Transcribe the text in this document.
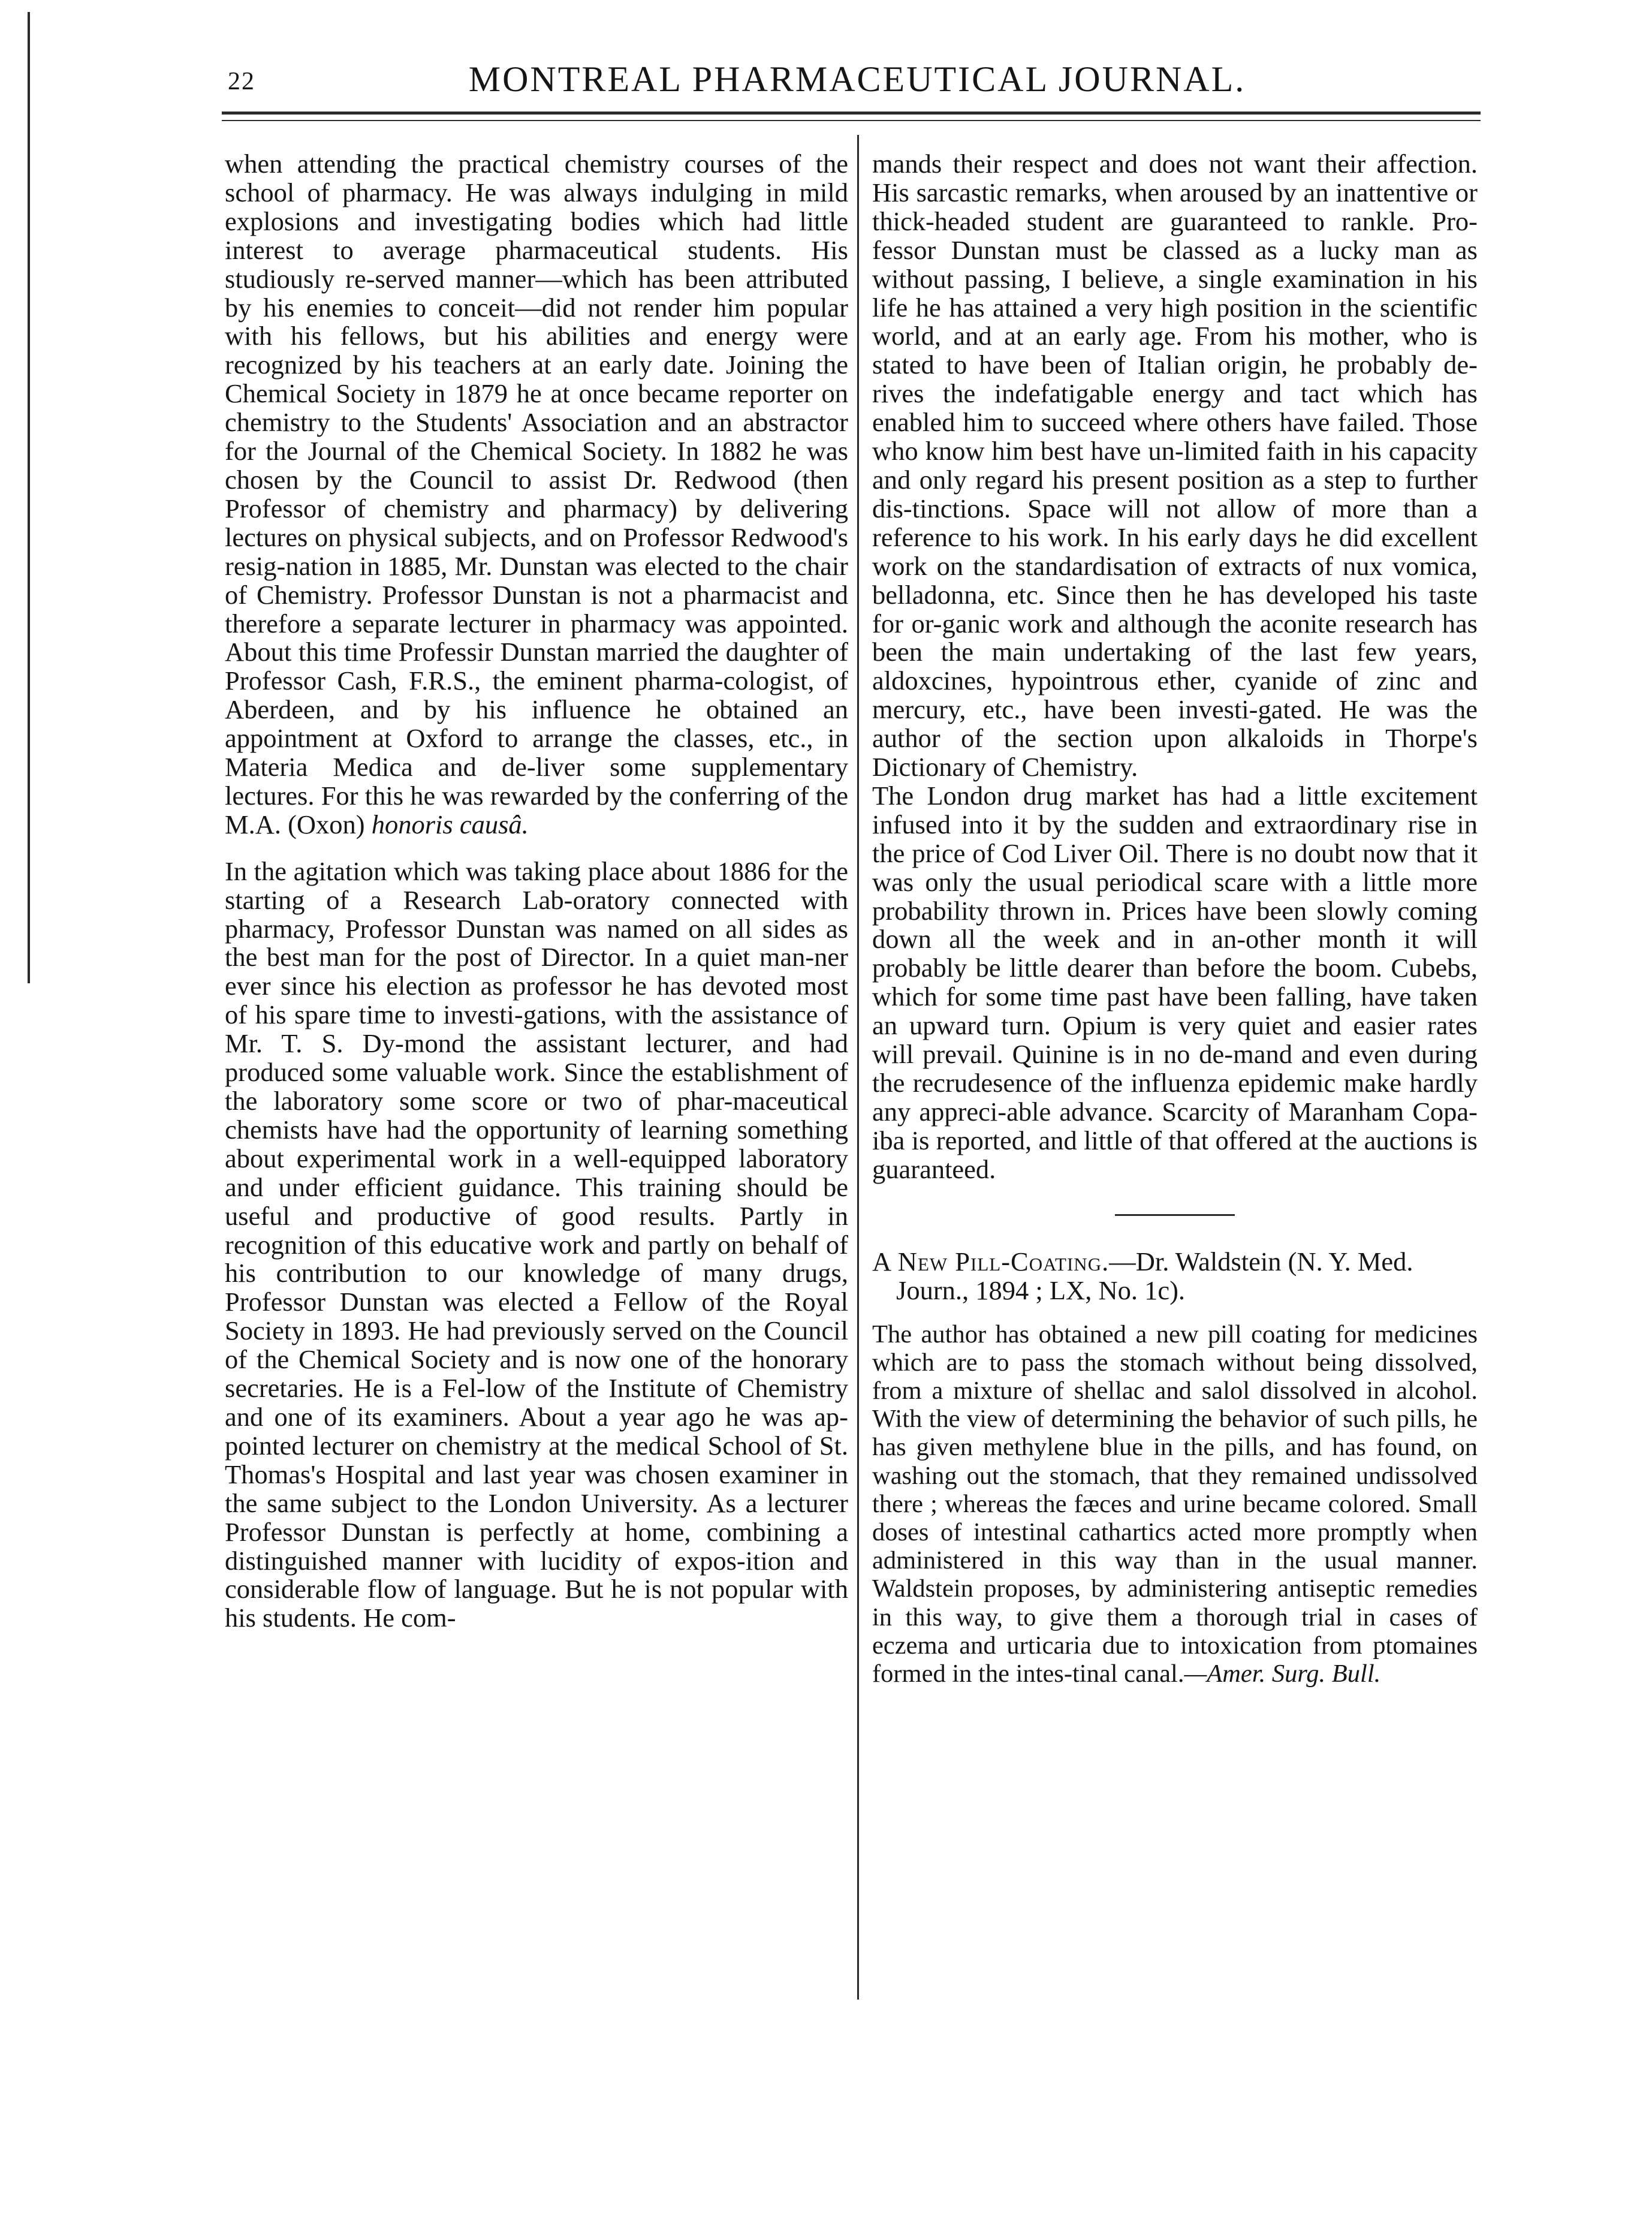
22	MONTREAL PHARMACEUTICAL JOURNAL.

when attending the practical chemistry courses of the school of pharmacy. He was always indulging in mild explosions and investigating bodies which had little interest to average pharmaceutical students. His studiously re-served manner—which has been attributed by his enemies to conceit—did not render him popular with his fellows, but his abilities and energy were recognized by his teachers at an early date. Joining the Chemical Society in 1879 he at once became reporter on chemistry to the Students' Association and an abstractor for the Journal of the Chemical Society. In 1882 he was chosen by the Council to assist Dr. Redwood (then Professor of chemistry and pharmacy) by delivering lectures on physical subjects, and on Professor Redwood's resig-nation in 1885, Mr. Dunstan was elected to the chair of Chemistry. Professor Dunstan is not a pharmacist and therefore a separate lecturer in pharmacy was appointed. About this time Professir Dunstan married the daughter of Professor Cash, F.R.S., the eminent pharma-cologist, of Aberdeen, and by his influence he obtained an appointment at Oxford to arrange the classes, etc., in Materia Medica and de-liver some supplementary lectures. For this he was rewarded by the conferring of the M.A. (Oxon) honoris causâ.

In the agitation which was taking place about 1886 for the starting of a Research Lab-oratory connected with pharmacy, Professor Dunstan was named on all sides as the best man for the post of Director. In a quiet man-ner ever since his election as professor he has devoted most of his spare time to investi-gations, with the assistance of Mr. T. S. Dy-mond the assistant lecturer, and had produced some valuable work. Since the establishment of the laboratory some score or two of phar-maceutical chemists have had the opportunity of learning something about experimental work in a well-equipped laboratory and under efficient guidance. This training should be useful and productive of good results. Partly in recognition of this educative work and partly on behalf of his contribution to our knowledge of many drugs, Professor Dunstan was elected a Fellow of the Royal Society in 1893. He had previously served on the Council of the Chemical Society and is now one of the honorary secretaries. He is a Fel-low of the Institute of Chemistry and one of its examiners. About a year ago he was ap-pointed lecturer on chemistry at the medical School of St. Thomas's Hospital and last year was chosen examiner in the same subject to the London University. As a lecturer Professor Dunstan is perfectly at home, combining a distinguished manner with lucidity of expos-ition and considerable flow of language. But he is not popular with his students. He com-

mands their respect and does not want their affection. His sarcastic remarks, when aroused by an inattentive or thick-headed student are guaranteed to rankle. Pro-fessor Dunstan must be classed as a lucky man as without passing, I believe, a single examination in his life he has attained a very high position in the scientific world, and at an early age. From his mother, who is stated to have been of Italian origin, he probably de-rives the indefatigable energy and tact which has enabled him to succeed where others have failed. Those who know him best have un-limited faith in his capacity and only regard his present position as a step to further dis-tinctions. Space will not allow of more than a reference to his work. In his early days he did excellent work on the standardisation of extracts of nux vomica, belladonna, etc. Since then he has developed his taste for or-ganic work and although the aconite research has been the main undertaking of the last few years, aldoxcines, hypointrous ether, cyanide of zinc and mercury, etc., have been investi-gated. He was the author of the section upon alkaloids in Thorpe's Dictionary of Chemistry.

The London drug market has had a little excitement infused into it by the sudden and extraordinary rise in the price of Cod Liver Oil. There is no doubt now that it was only the usual periodical scare with a little more probability thrown in. Prices have been slowly coming down all the week and in an-other month it will probably be little dearer than before the boom. Cubebs, which for some time past have been falling, have taken an upward turn. Opium is very quiet and easier rates will prevail. Quinine is in no de-mand and even during the recrudesence of the influenza epidemic make hardly any appreci-able advance. Scarcity of Maranham Copa-iba is reported, and little of that offered at the auctions is guaranteed.

A New Pill-Coating.—Dr. Waldstein (N. Y. Med. Journ., 1894 ; LX, No. 1c).

The author has obtained a new pill coating for medicines which are to pass the stomach without being dissolved, from a mixture of shellac and salol dissolved in alcohol. With the view of determining the behavior of such pills, he has given methylene blue in the pills, and has found, on washing out the stomach, that they remained undissolved there ; whereas the fæces and urine became colored. Small doses of intestinal cathartics acted more promptly when administered in this way than in the usual manner. Waldstein proposes, by administering antiseptic remedies in this way, to give them a thorough trial in cases of eczema and urticaria due to intoxication from ptomaines formed in the intes-tinal canal.—Amer. Surg. Bull.
